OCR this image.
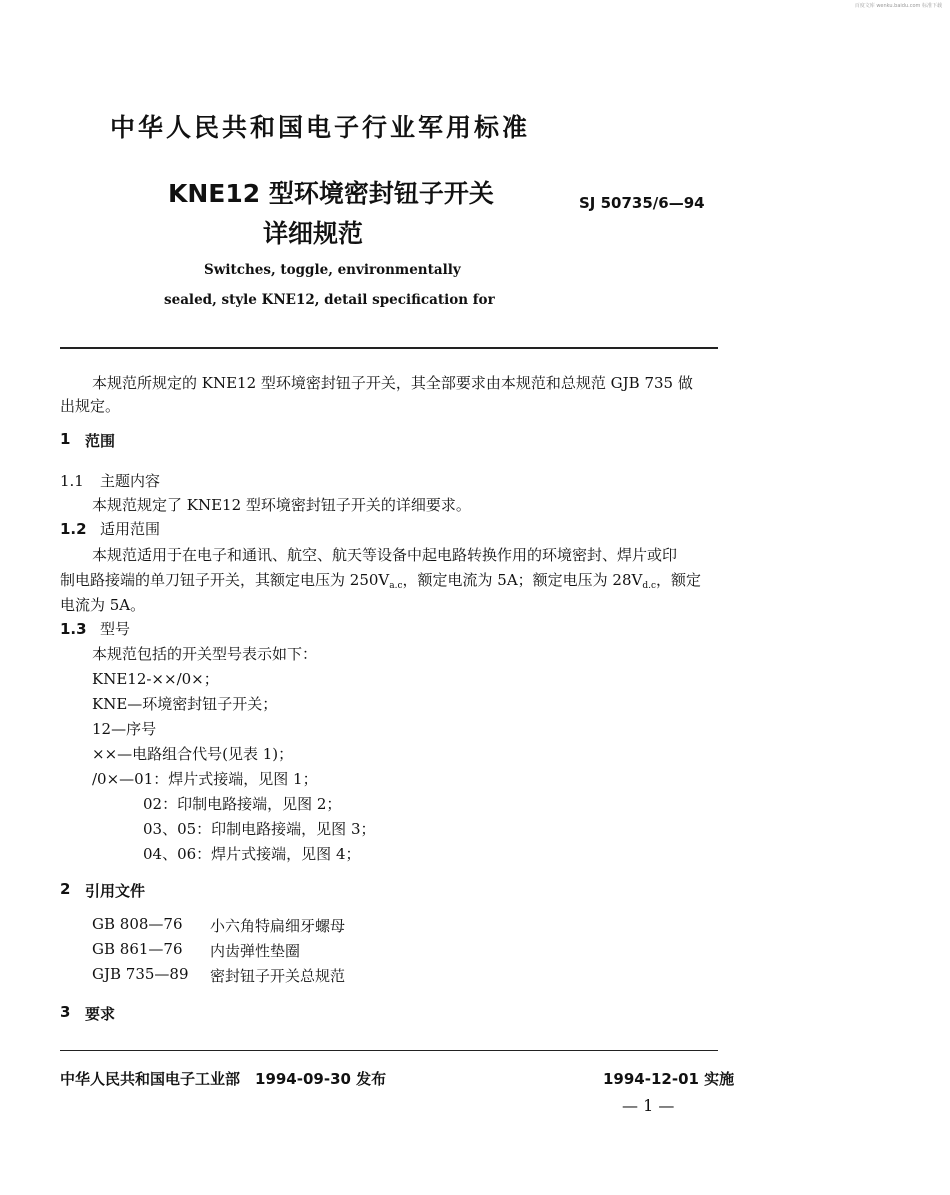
百度文库 wenku.baidu.com 标准下载
中华人民共和国电子行业军用标准
KNE12 型环境密封钮子开关
详细规范
SJ 50735/6—94
Switches, toggle, environmentally
sealed, style KNE12, detail specification for
本规范所规定的 KNE12 型环境密封钮子开关，其全部要求由本规范和总规范 GJB 735 做
出规定。
1 范围
1.1 主题内容
本规范规定了 KNE12 型环境密封钮子开关的详细要求。
1.2 适用范围
本规范适用于在电子和通讯、航空、航天等设备中起电路转换作用的环境密封、焊片或印
制电路接端的单刀钮子开关，其额定电压为 $250V_{a.c}$，额定电流为 5A；额定电压为 $28V_{d.c}$，额定
电流为 5A。
1.3 型号
本规范包括的开关型号表示如下：
KNE12-××/0×；
KNE—环境密封钮子开关；
12—序号
××—电路组合代号(见表 1)；
/0×—01：焊片式接端，见图 1；
02：印制电路接端，见图 2；
03、05：印制电路接端，见图 3；
04、06：焊片式接端，见图 4；
2 引用文件
GB 808—76 小六角特扁细牙螺母
GB 861—76 内齿弹性垫圈
GJB 735—89 密封钮子开关总规范
3 要求
中华人民共和国电子工业部　1994-09-30 发布	1994-12-01 实施
— 1 —
